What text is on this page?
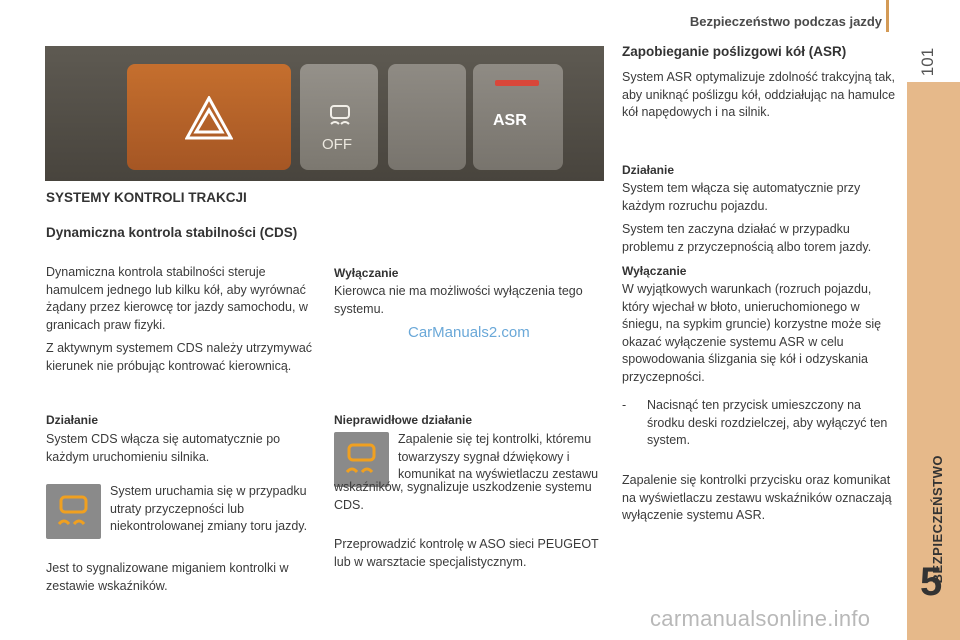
Bezpieczeństwo podczas jazdy
101
BEZPIECZEŃSTWO
5
OFF
ASR
SYSTEMY KONTROLI TRAKCJI
Dynamiczna kontrola stabilności (CDS)

Dynamiczna kontrola stabilności steruje hamulcem jednego lub kilku kół, aby wyrównać żądany przez kierowcę tor jazdy samochodu, w granicach praw fizyki.

Z aktywnym systemem CDS należy utrzymywać kierunek nie próbując kontrować kierownicą.

Działanie
System CDS włącza się automatycznie po każdym uruchomieniu silnika.
System uruchamia się w przypadku utraty przyczepności lub niekontrolowanej zmiany toru jazdy.
Jest to sygnalizowane miganiem kontrolki w zestawie wskaźników.
Wyłączanie
Kierowca nie ma możliwości wyłączenia tego systemu.
CarManuals2.com
Nieprawidłowe działanie
Zapalenie się tej kontrolki, któremu towarzyszy sygnał dźwiękowy i komunikat na wyświetlaczu zestawu
wskaźników, sygnalizuje uszkodzenie systemu CDS.
Przeprowadzić kontrolę w ASO sieci PEUGEOT lub w warsztacie specjalistycznym.
Zapobieganie poślizgowi kół (ASR)
System ASR optymalizuje zdolność trakcyjną tak, aby uniknąć poślizgu kół, oddziałując na hamulce kół napędowych i na silnik.
Działanie

System tem włącza się automatycznie przy każdym rozruchu pojazdu.

System ten zaczyna działać w przypadku problemu z przyczepnością albo torem jazdy.

Wyłączanie
W wyjątkowych warunkach (rozruch pojazdu, który wjechał w błoto, unieruchomionego w śniegu, na sypkim gruncie) korzystne może się okazać wyłączenie systemu ASR w celu spowodowania ślizgania się kół i odzyskania przyczepności.
- Nacisnąć ten przycisk umieszczony na środku deski rozdzielczej, aby wyłączyć ten system.
Zapalenie się kontrolki przycisku oraz komunikat na wyświetlaczu zestawu wskaźników oznaczają wyłączenie systemu ASR.
carmanualsonline.info
